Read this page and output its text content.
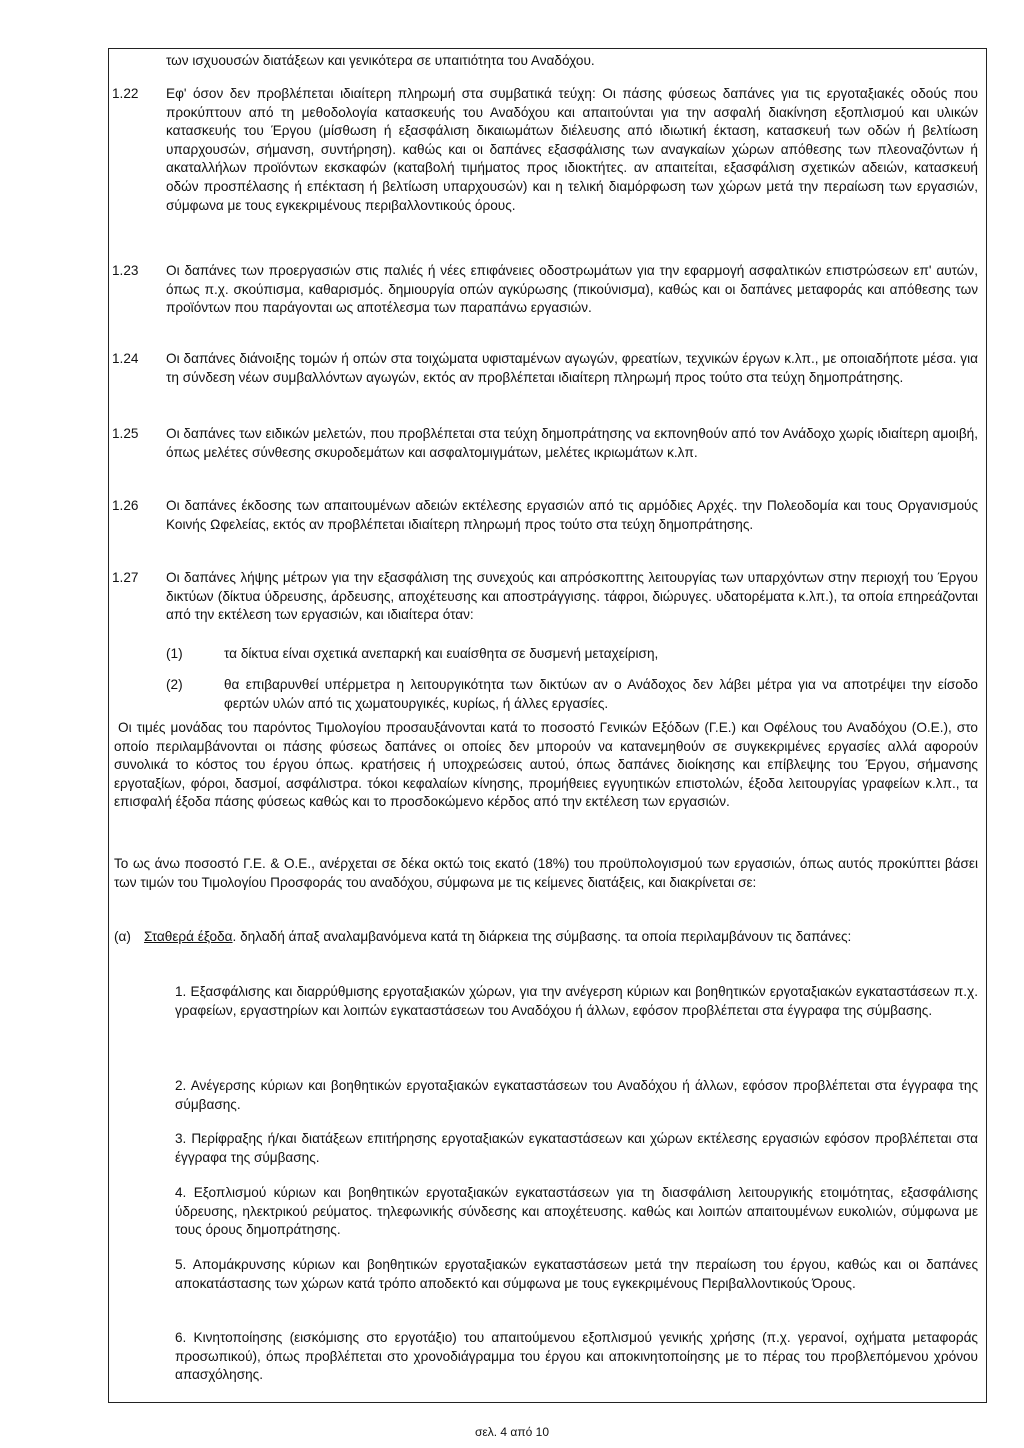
των ισχυουσών διατάξεων και γενικότερα σε υπαιτιότητα του Αναδόχου.

1.22 Εφ' όσον δεν προβλέπεται ιδιαίτερη πληρωμή στα συμβατικά τεύχη: Οι πάσης φύσεως δαπάνες για τις εργοταξιακές οδούς που προκύπτουν από τη μεθοδολογία κατασκευής του Αναδόχου και απαιτούνται για την ασφαλή διακίνηση εξοπλισμού και υλικών κατασκευής του Έργου (μίσθωση ή εξασφάλιση δικαιωμάτων διέλευσης από ιδιωτική έκταση, κατασκευή των οδών ή βελτίωση υπαρχουσών, σήμανση, συντήρηση). καθώς και οι δαπάνες εξασφάλισης των αναγκαίων χώρων απόθεσης των πλεοναζόντων ή ακαταλλήλων προϊόντων εκσκαφών (καταβολή τιμήματος προς ιδιοκτήτες. αν απαιτείται, εξασφάλιση σχετικών αδειών, κατασκευή οδών προσπέλασης ή επέκταση ή βελτίωση υπαρχουσών) και η τελική διαμόρφωση των χώρων μετά την περαίωση των εργασιών, σύμφωνα με τους εγκεκριμένους περιβαλλοντικούς όρους.

1.23 Οι δαπάνες των προεργασιών στις παλιές ή νέες επιφάνειες οδοστρωμάτων για την εφαρμογή ασφαλτικών επιστρώσεων επ' αυτών, όπως π.χ. σκούπισμα, καθαρισμός. δημιουργία οπών αγκύρωσης (πικούνισμα), καθώς και οι δαπάνες μεταφοράς και απόθεσης των προϊόντων που παράγονται ως αποτέλεσμα των παραπάνω εργασιών.

1.24 Οι δαπάνες διάνοιξης τομών ή οπών στα τοιχώματα υφισταμένων αγωγών, φρεατίων, τεχνικών έργων κ.λπ., με οποιαδήποτε μέσα. για τη σύνδεση νέων συμβαλλόντων αγωγών, εκτός αν προβλέπεται ιδιαίτερη πληρωμή προς τούτο στα τεύχη δημοπράτησης.

1.25 Οι δαπάνες των ειδικών μελετών, που προβλέπεται στα τεύχη δημοπράτησης να εκπονηθούν από τον Ανάδοχο χωρίς ιδιαίτερη αμοιβή, όπως μελέτες σύνθεσης σκυροδεμάτων και ασφαλτομιγμάτων, μελέτες ικριωμάτων κ.λπ.

1.26 Οι δαπάνες έκδοσης των απαιτουμένων αδειών εκτέλεσης εργασιών από τις αρμόδιες Αρχές. την Πολεοδομία και τους Οργανισμούς Κοινής Ωφελείας, εκτός αν προβλέπεται ιδιαίτερη πληρωμή προς τούτο στα τεύχη δημοπράτησης.

1.27 Οι δαπάνες λήψης μέτρων για την εξασφάλιση της συνεχούς και απρόσκοπτης λειτουργίας των υπαρχόντων στην περιοχή του Έργου δικτύων (δίκτυα ύδρευσης, άρδευσης, αποχέτευσης και αποστράγγισης. τάφροι, διώρυγες. υδατορέματα κ.λπ.), τα οποία επηρεάζονται από την εκτέλεση των εργασιών, και ιδιαίτερα όταν:

(1)	τα δίκτυα είναι σχετικά ανεπαρκή και ευαίσθητα σε δυσμενή μεταχείριση,

(2)	θα επιβαρυνθεί υπέρμετρα η λειτουργικότητα των δικτύων αν ο Ανάδοχος δεν λάβει μέτρα για να αποτρέψει την είσοδο φερτών υλών από τις χωματουργικές, κυρίως, ή άλλες εργασίες.

Οι τιμές μονάδας του παρόντος Τιμολογίου προσαυξάνονται κατά το ποσοστό Γενικών Εξόδων (Γ.Ε.) και Οφέλους του Αναδόχου (Ο.Ε.), στο οποίο περιλαμβάνονται οι πάσης φύσεως δαπάνες οι οποίες δεν μπορούν να κατανεμηθούν σε συγκεκριμένες εργασίες αλλά αφορούν συνολικά το κόστος του έργου όπως. κρατήσεις ή υποχρεώσεις αυτού, όπως δαπάνες διοίκησης και επίβλεψης του Έργου, σήμανσης εργοταξίων, φόροι, δασμοί, ασφάλιστρα. τόκοι κεφαλαίων κίνησης, προμήθειες εγγυητικών επιστολών, έξοδα λειτουργίας γραφείων κ.λπ., τα επισφαλή έξοδα πάσης φύσεως καθώς και το προσδοκώμενο κέρδος από την εκτέλεση των εργασιών.

Το ως άνω ποσοστό Γ.Ε. & Ο.Ε., ανέρχεται σε δέκα οκτώ τοις εκατό (18%) του προϋπολογισμού των εργασιών, όπως αυτός προκύπτει βάσει των τιμών του Τιμολογίου Προσφοράς του αναδόχου, σύμφωνα με τις κείμενες διατάξεις, και διακρίνεται σε:

(α) Σταθερά έξοδα. δηλαδή άπαξ αναλαμβανόμενα κατά τη διάρκεια της σύμβασης. τα οποία περιλαμβάνουν τις δαπάνες:

1. Εξασφάλισης και διαρρύθμισης εργοταξιακών χώρων, για την ανέγερση κύριων και βοηθητικών εργοταξιακών εγκαταστάσεων π.χ. γραφείων, εργαστηρίων και λοιπών εγκαταστάσεων του Αναδόχου ή άλλων, εφόσον προβλέπεται στα έγγραφα της σύμβασης.

2. Ανέγερσης κύριων και βοηθητικών εργοταξιακών εγκαταστάσεων του Αναδόχου ή άλλων, εφόσον προβλέπεται στα έγγραφα της σύμβασης.

3. Περίφραξης ή/και διατάξεων επιτήρησης εργοταξιακών εγκαταστάσεων και χώρων εκτέλεσης εργασιών εφόσον προβλέπεται στα έγγραφα της σύμβασης.

4. Εξοπλισμού κύριων και βοηθητικών εργοταξιακών εγκαταστάσεων για τη διασφάλιση λειτουργικής ετοιμότητας, εξασφάλισης ύδρευσης, ηλεκτρικού ρεύματος. τηλεφωνικής σύνδεσης και αποχέτευσης. καθώς και λοιπών απαιτουμένων ευκολιών, σύμφωνα με τους όρους δημοπράτησης.

5. Απομάκρυνσης κύριων και βοηθητικών εργοταξιακών εγκαταστάσεων μετά την περαίωση του έργου, καθώς και οι δαπάνες αποκατάστασης των χώρων κατά τρόπο αποδεκτό και σύμφωνα με τους εγκεκριμένους Περιβαλλοντικούς Όρους.

6. Κινητοποίησης (εισκόμισης στο εργοτάξιο) του απαιτούμενου εξοπλισμού γενικής χρήσης (π.χ. γερανοί, οχήματα μεταφοράς προσωπικού), όπως προβλέπεται στο χρονοδιάγραμμα του έργου και αποκινητοποίησης με το πέρας του προβλεπόμενου χρόνου απασχόλησης.

σελ. 4 από 10
